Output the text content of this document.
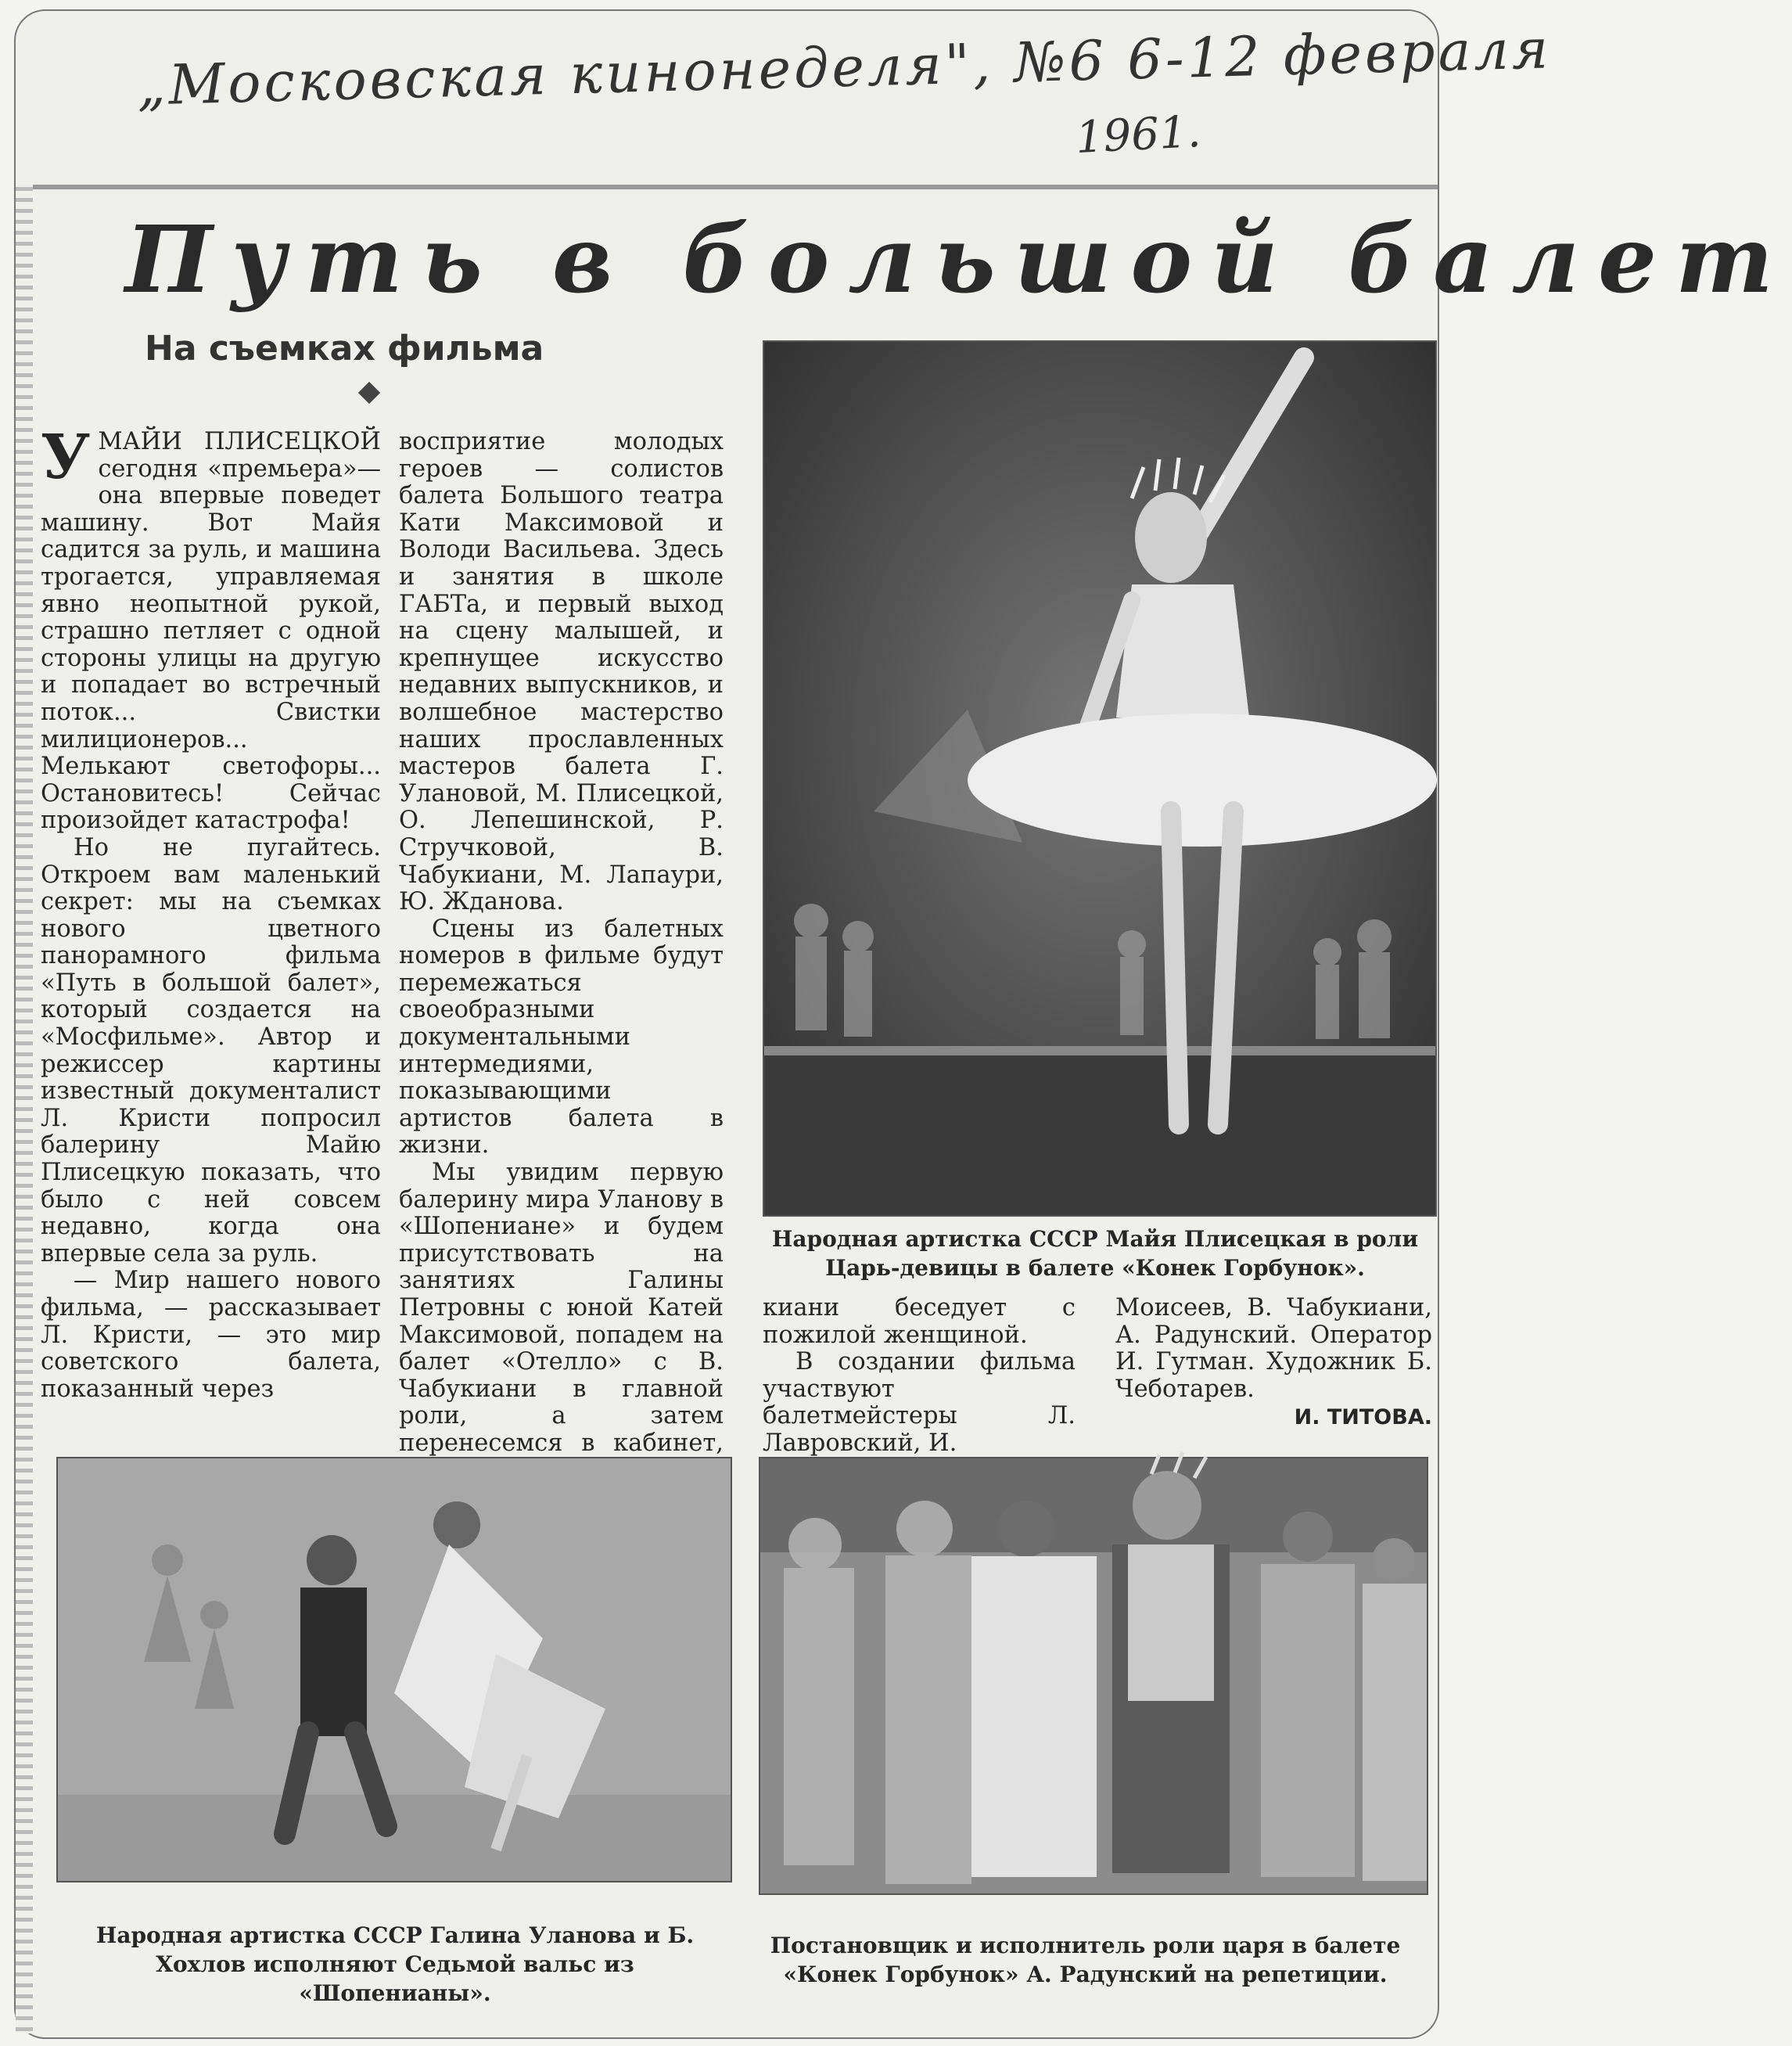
„Московская кинонеделя", №6 6-12 февраля
1961.
Путь в большой балет
На съемках фильма

УМАЙИ ПЛИСЕЦКОЙ сегодня «премьера»—она впервые поведет машину. Вот Майя садится за руль, и машина трогается, управляемая явно неопытной рукой, страшно петляет с одной стороны улицы на другую и попадает во встречный поток... Свистки милиционеров... Мелькают светофоры... Остановитесь! Сейчас произойдет катастрофа!

Но не пугайтесь. Откроем вам маленький секрет: мы на съемках нового цветного панорамного фильма «Путь в большой балет», который создается на «Мосфильме». Автор и режиссер картины известный документалист Л. Кристи попросил балерину Майю Плисецкую показать, что было с ней совсем недавно, когда она впервые села за руль.

— Мир нашего нового фильма, — рассказывает Л. Кристи, — это мир советского балета, показанный через

восприятие молодых героев — солистов балета Большого театра Кати Максимовой и Володи Васильева. Здесь и занятия в школе ГАБТа, и первый выход на сцену малышей, и крепнущее искусство недавних выпускников, и волшебное мастерство наших прославленных мастеров балета Г. Улановой, М. Плисецкой, О. Лепешинской, Р. Стручковой, В. Чабукиани, М. Лапаури, Ю. Ждановa.

Сцены из балетных номеров в фильме будут перемежаться своеобразными документальными интермедиями, показывающими артистов балета в жизни.

Мы увидим первую балерину мира Уланову в «Шопениане» и будем присутствовать на занятиях Галины Петровны с юной Катей Максимовой, попадем на балет «Отелло» с В. Чабукиани в главной роли, а затем перенесемся в кабинет,

Народная артистка СССР Майя Плисецкая в роли Царь-девицы в балете «Конек Горбунок».

киани беседует с пожилой женщиной.

В создании фильма участвуют балетмейстеры Л. Лавровский, И.

Моисеев, В. Чабукиани, А. Радунский. Оператор И. Гутман. Художник Б. Чеботарев.

И. ТИТОВА.
Народная артистка СССР Галина Уланова и Б. Хохлов исполняют Седьмой вальс из «Шопенианы».
Постановщик и исполнитель роли царя в балете «Конек Горбунок» А. Радунский на репетиции.
